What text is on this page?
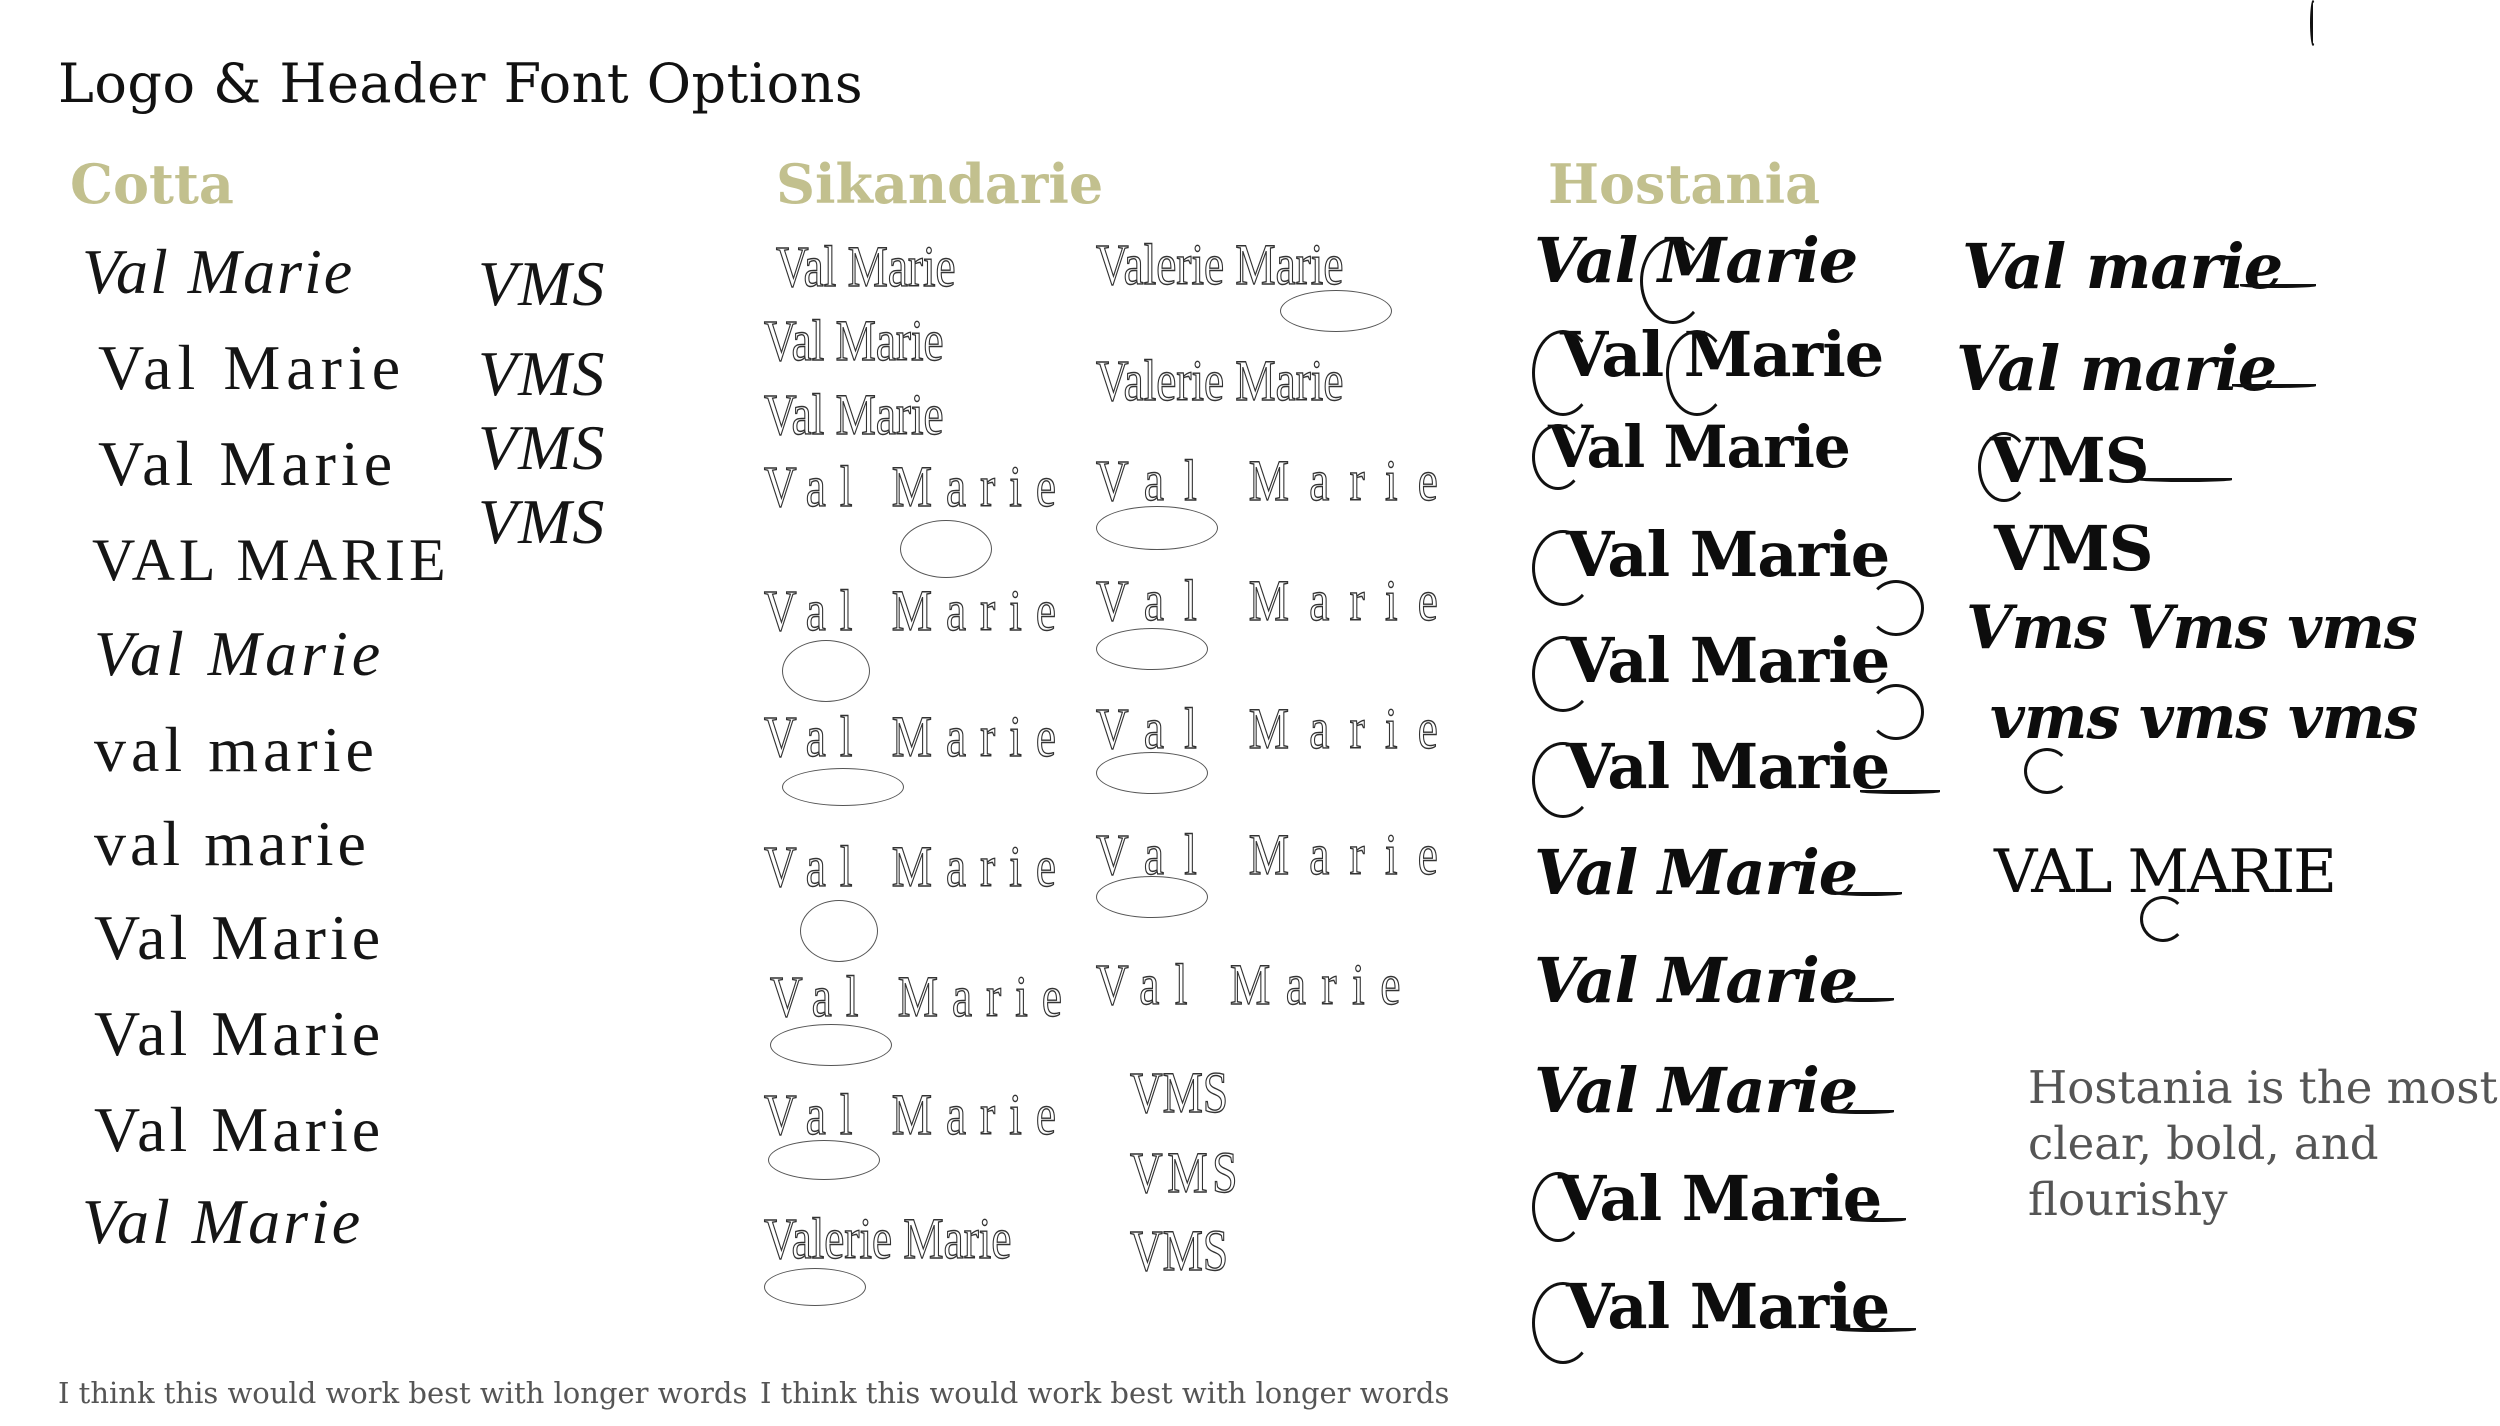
Logo & Header Font Options
Cotta
Val Marie
Val Marie
Val Marie
VAL MARIE
Val Marie
val marie
val marie
Val Marie
Val Marie
Val Marie
Val Marie
VMS
VMS
VMS
VMS
I think this would work best with longer words
Sikandarie
Val Marie
Val Marie
Val Marie
Val Marie
Val Marie
Val Marie
Val Marie
Val Marie
Val Marie
Valerie Marie
Valerie Marie
Valerie Marie
Val Marie
Val Marie
Val Marie
Val Marie
Val Marie
VMS
VMS
VMS
I think this would work best with longer words
Hostania
Val Marie
Val Marie
Val Marie
Val Marie
Val Marie
Val Marie
Val Marie
Val Marie
Val Marie
Val Marie
Val Marie
Val marie
Val marie
VMS
VMS
Vms Vms vms
vms vms vms
VAL MARIE
Hostania is the most clear, bold, and flourishy
